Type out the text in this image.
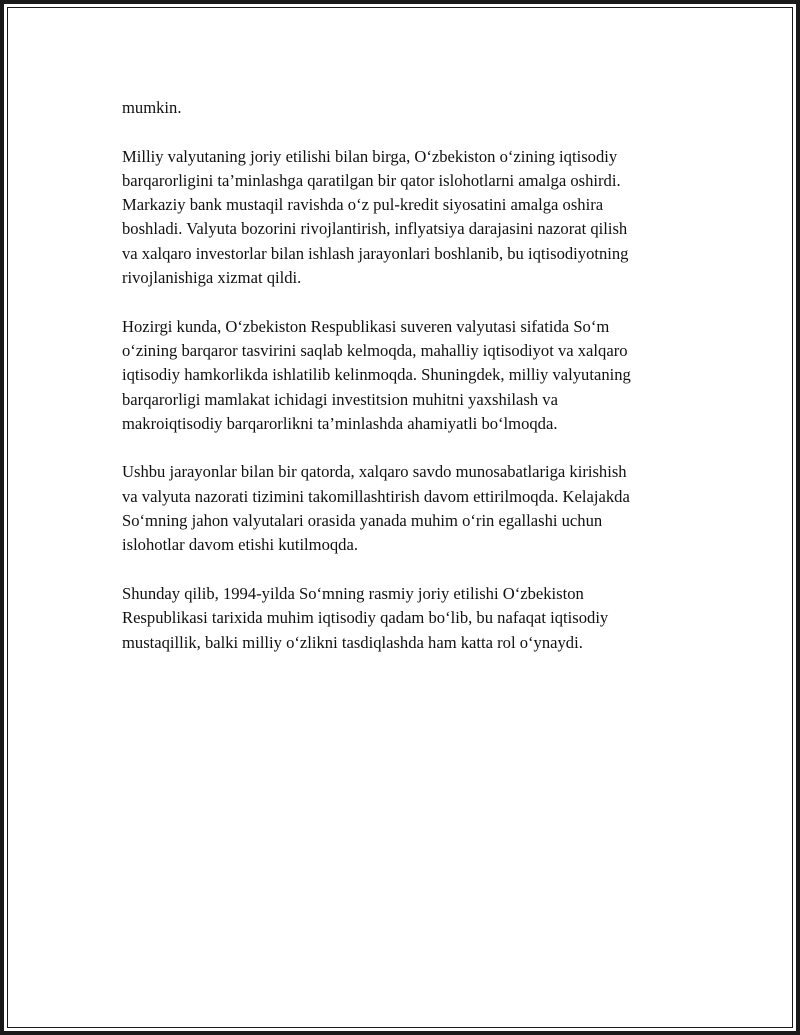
mumkin.

Milliy valyutaning joriy etilishi bilan birga, O‘zbekiston o‘zining iqtisodiy
barqarorligini ta’minlashga qaratilgan bir qator islohotlarni amalga oshirdi.
Markaziy bank mustaqil ravishda o‘z pul-kredit siyosatini amalga oshira
boshladi. Valyuta bozorini rivojlantirish, inflyatsiya darajasini nazorat qilish
va xalqaro investorlar bilan ishlash jarayonlari boshlanib, bu iqtisodiyotning
rivojlanishiga xizmat qildi.

Hozirgi kunda, O‘zbekiston Respublikasi suveren valyutasi sifatida So‘m
o‘zining barqaror tasvirini saqlab kelmoqda, mahalliy iqtisodiyot va xalqaro
iqtisodiy hamkorlikda ishlatilib kelinmoqda. Shuningdek, milliy valyutaning
barqarorligi mamlakat ichidagi investitsion muhitni yaxshilash va
makroiqtisodiy barqarorlikni ta’minlashda ahamiyatli bo‘lmoqda.

Ushbu jarayonlar bilan bir qatorda, xalqaro savdo munosabatlariga kirishish
va valyuta nazorati tizimini takomillashtirish davom ettirilmoqda. Kelajakda
So‘mning jahon valyutalari orasida yanada muhim o‘rin egallashi uchun
islohotlar davom etishi kutilmoqda.

Shunday qilib, 1994-yilda So‘mning rasmiy joriy etilishi O‘zbekiston
Respublikasi tarixida muhim iqtisodiy qadam bo‘lib, bu nafaqat iqtisodiy
mustaqillik, balki milliy o‘zlikni tasdiqlashda ham katta rol o‘ynaydi.
